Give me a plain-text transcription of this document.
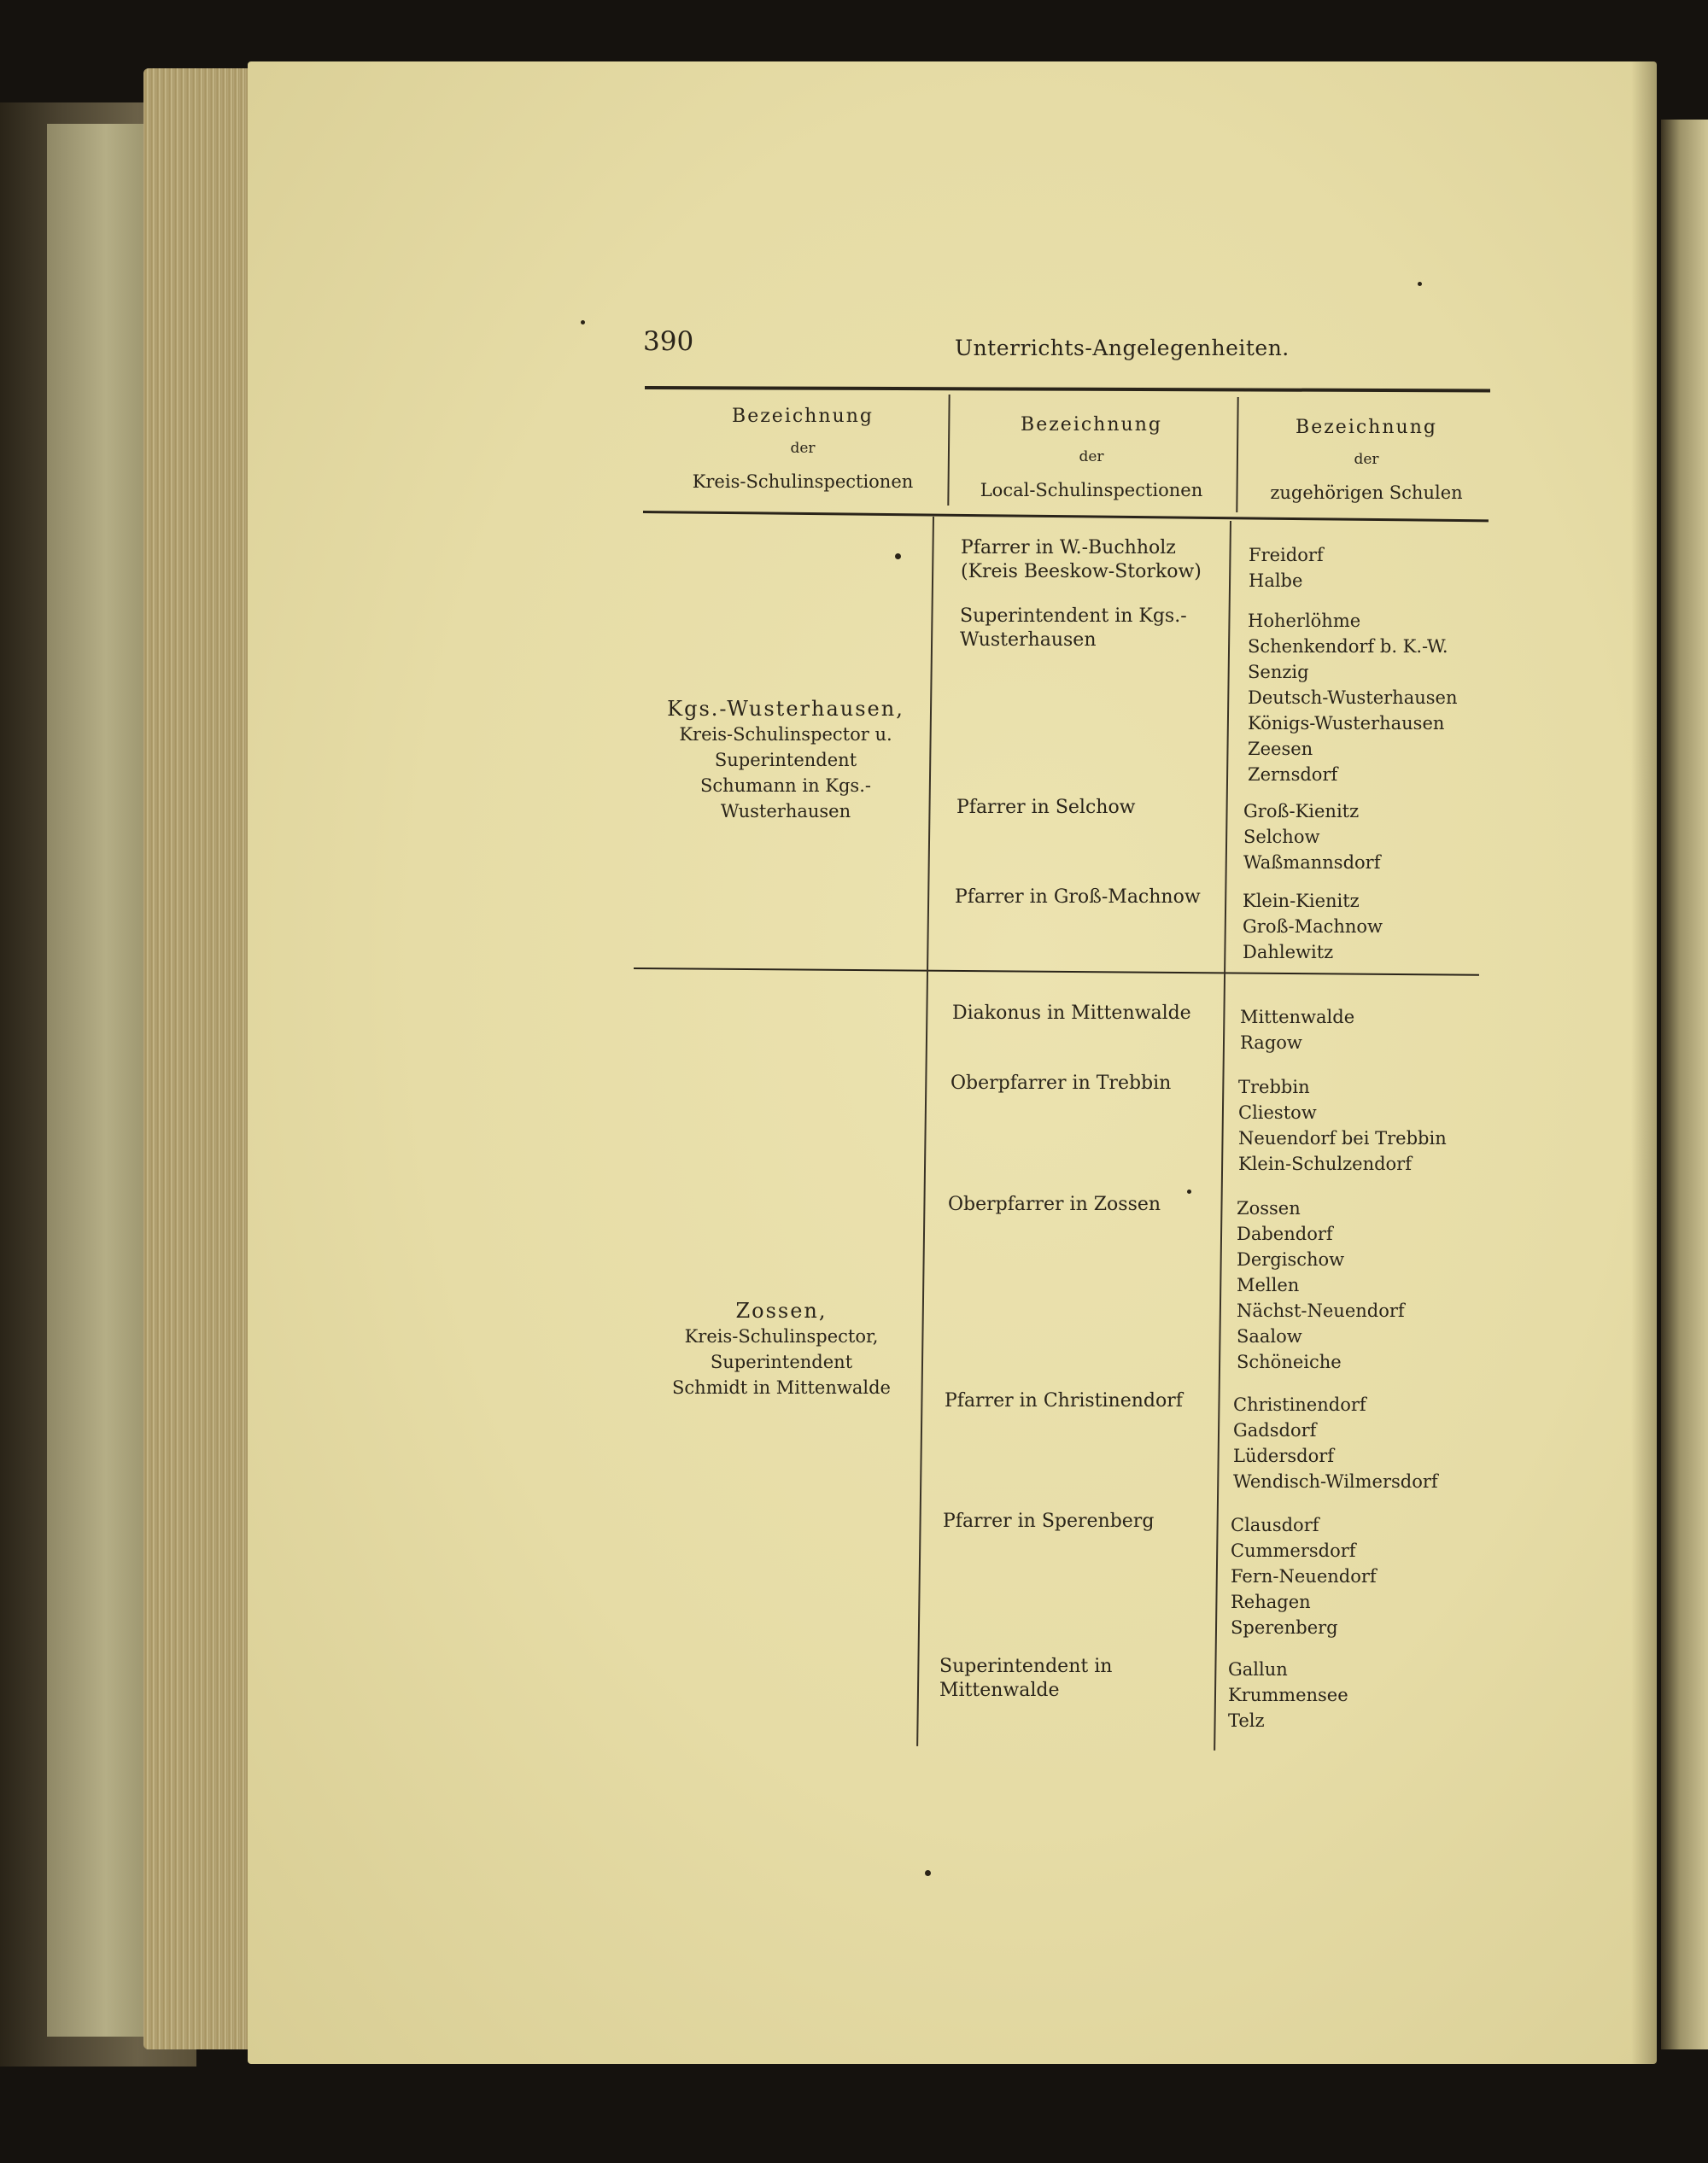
390	Unterrichts-Angelegenheiten.
Bezeichnung
der
Kreis-Schulinspectionen
Bezeichnung
der
Local-Schulinspectionen
Bezeichnung
der
zugehörigen Schulen
Kgs.-Wusterhausen,
Kreis-Schulinspector u. Superintendent
Schumann in Kgs.-Wusterhausen
Zossen,
Kreis-Schulinspector, Superintendent
Schmidt in Mittenwalde
Pfarrer in W.-Buchholz (Kreis Beeskow-Storkow)
Superintendent in Kgs.-Wusterhausen
Pfarrer in Selchow
Pfarrer in Groß-Machnow
Diakonus in Mittenwalde
Oberpfarrer in Trebbin
Oberpfarrer in Zossen
Pfarrer in Christinendorf
Pfarrer in Sperenberg
Superintendent in Mittenwalde
Freidorf
Halbe
Hoherlöhme
Schenkendorf b. K.-W.
Senzig
Deutsch-Wusterhausen
Königs-Wusterhausen
Zeesen
Zernsdorf
Groß-Kienitz
Selchow
Waßmannsdorf
Klein-Kienitz
Groß-Machnow
Dahlewitz
Mittenwalde
Ragow
Trebbin
Cliestow
Neuendorf bei Trebbin
Klein-Schulzendorf
Zossen
Dabendorf
Dergischow
Mellen
Nächst-Neuendorf
Saalow
Schöneiche
Christinendorf
Gadsdorf
Lüdersdorf
Wendisch-Wilmersdorf
Clausdorf
Cummersdorf
Fern-Neuendorf
Rehagen
Sperenberg
Gallun
Krummensee
Telz
